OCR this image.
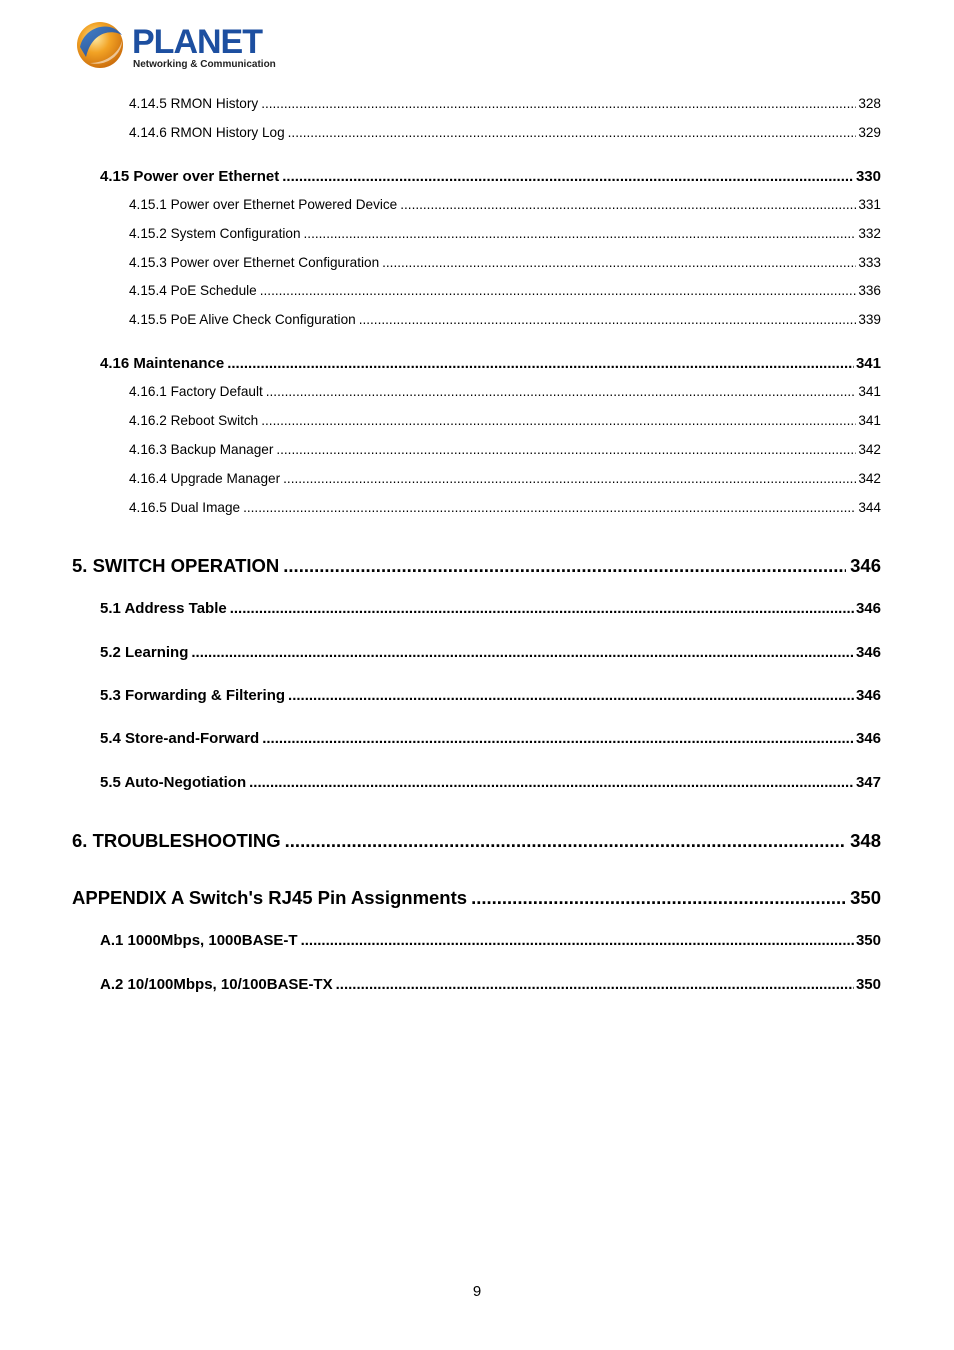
PLANET
Networking & Communication
4.14.5 RMON History .....	328
4.14.6 RMON History Log .....	329
4.15 Power over Ethernet .....	330
4.15.1 Power over Ethernet Powered Device .....	331
4.15.2 System Configuration .....	332
4.15.3 Power over Ethernet Configuration .....	333
4.15.4 PoE Schedule .....	336
4.15.5 PoE Alive Check Configuration .....	339
4.16 Maintenance .....	341
4.16.1 Factory Default .....	341
4.16.2 Reboot Switch .....	341
4.16.3 Backup Manager .....	342
4.16.4 Upgrade Manager .....	342
4.16.5 Dual Image .....	344
5. SWITCH OPERATION .....	346
5.1 Address Table .....	346
5.2 Learning .....	346
5.3 Forwarding & Filtering .....	346
5.4 Store-and-Forward .....	346
5.5 Auto-Negotiation .....	347
6. TROUBLESHOOTING .....	348
APPENDIX A Switch's RJ45 Pin Assignments .....	350
A.1 1000Mbps, 1000BASE-T .....	350
A.2 10/100Mbps, 10/100BASE-TX .....	350
9
